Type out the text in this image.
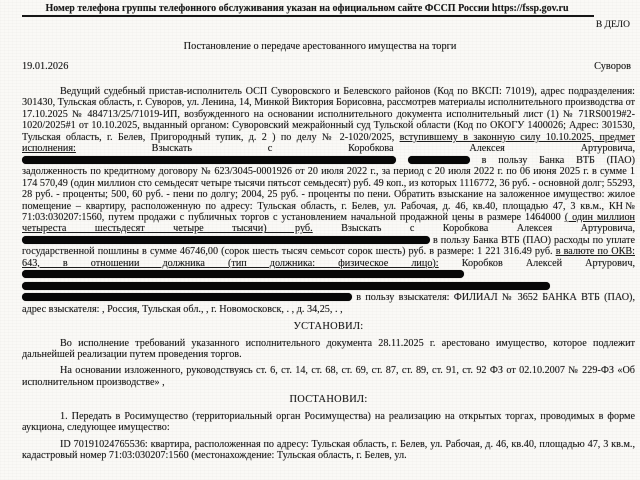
Номер телефона группы телефонного обслуживания указан на официальном сайте ФССП России https://fssp.gov.ru
В ДЕЛО
Постановление о передаче арестованного имущества на торги
19.01.2026	Суворов

Ведущий судебный пристав-исполнитель ОСП Суворовского и Белевского районов (Код по ВКСП: 71019), адрес подразделения: 301430, Тульская область, г. Суворов, ул. Ленина, 14, Минкой Виктория Борисовна, рассмотрев материалы исполнительного производства от 17.10.2025 № 484713/25/71019-ИП, возбужденного на основании исполнительного документа исполнительный лист (1) № 71RS0019#2-1020/2025#1 от 10.10.2025, выданный органом: Суворовский межрайонный суд Тульской области (Код по ОКОГУ 1400026; Адрес: 301530, Тульская область, г. Белев, Пригородный тупик, д. 2 ) по делу № 2-1020/2025, вступившему в законную силу 10.10.2025, предмет исполнения: Взыскать с Коробкова Алексея Артуровича,   в пользу Банка ВТБ (ПАО) задолженность по кредитному договору № 623/3045-0001926 от 20 июля 2022 г., за период с 20 июля 2022 г. по 06 июня 2025 г. в сумме 1 174 570,49 (один миллион сто семьдесят четыре тысячи пятьсот семьдесят) руб. 49 коп., из которых 1116772, 36 руб. - основной долг; 55293, 28 руб. - проценты; 500, 60 руб. - пени по долгу; 2004, 25 руб. - проценты по пени. Обратить взыскание на заложенное имущество: жилое помещение – квартиру, расположенную по адресу: Тульская область, г. Белев, ул. Рабочая, д. 46, кв.40, площадью 47, 3 кв.м., КН№ 71:03:030207:1560, путем продажи с публичных торгов с установлением начальной продажной цены в размере 1464000 ( один миллион четыреста шестьдесят четыре тысячи) руб. Взыскать с Коробкова Алексея Артуровича,  в пользу Банка ВТБ (ПАО) расходы по уплате государственной пошлины в сумме 46746,00 (сорок шесть тысяч семьсот сорок шесть) руб. в размере: 1 221 316.49 руб. в валюте по ОКВ: 643, в отношении должника (тип должника: физическое лицо): Коробков Алексей Артурович,    в пользу взыскателя: ФИЛИАЛ № 3652 БАНКА ВТБ (ПАО), адрес взыскателя: , Россия, Тульская обл., , г. Новомосковск, . , д. 34,25, . ,

УСТАНОВИЛ:

Во исполнение требований указанного исполнительного документа 28.11.2025 г. арестовано имущество, которое подлежит дальнейшей реализации путем проведения торгов.

На основании изложенного, руководствуясь ст. 6, ст. 14, ст. 68, ст. 69, ст. 87, ст. 89, ст. 91, ст. 92 ФЗ от 02.10.2007 № 229-ФЗ «Об исполнительном производстве» ,

ПОСТАНОВИЛ:

1. Передать в Росимущество (территориальный орган Росимущества) на реализацию на открытых торгах, проводимых в форме аукциона, следующее имущество:

ID 70191024765536: квартира, расположенная по адресу: Тульская область, г. Белев, ул. Рабочая, д. 46, кв.40, площадью 47, 3 кв.м., кадастровый номер 71:03:030207:1560 (местонахождение: Тульская область, г. Белев, ул.
